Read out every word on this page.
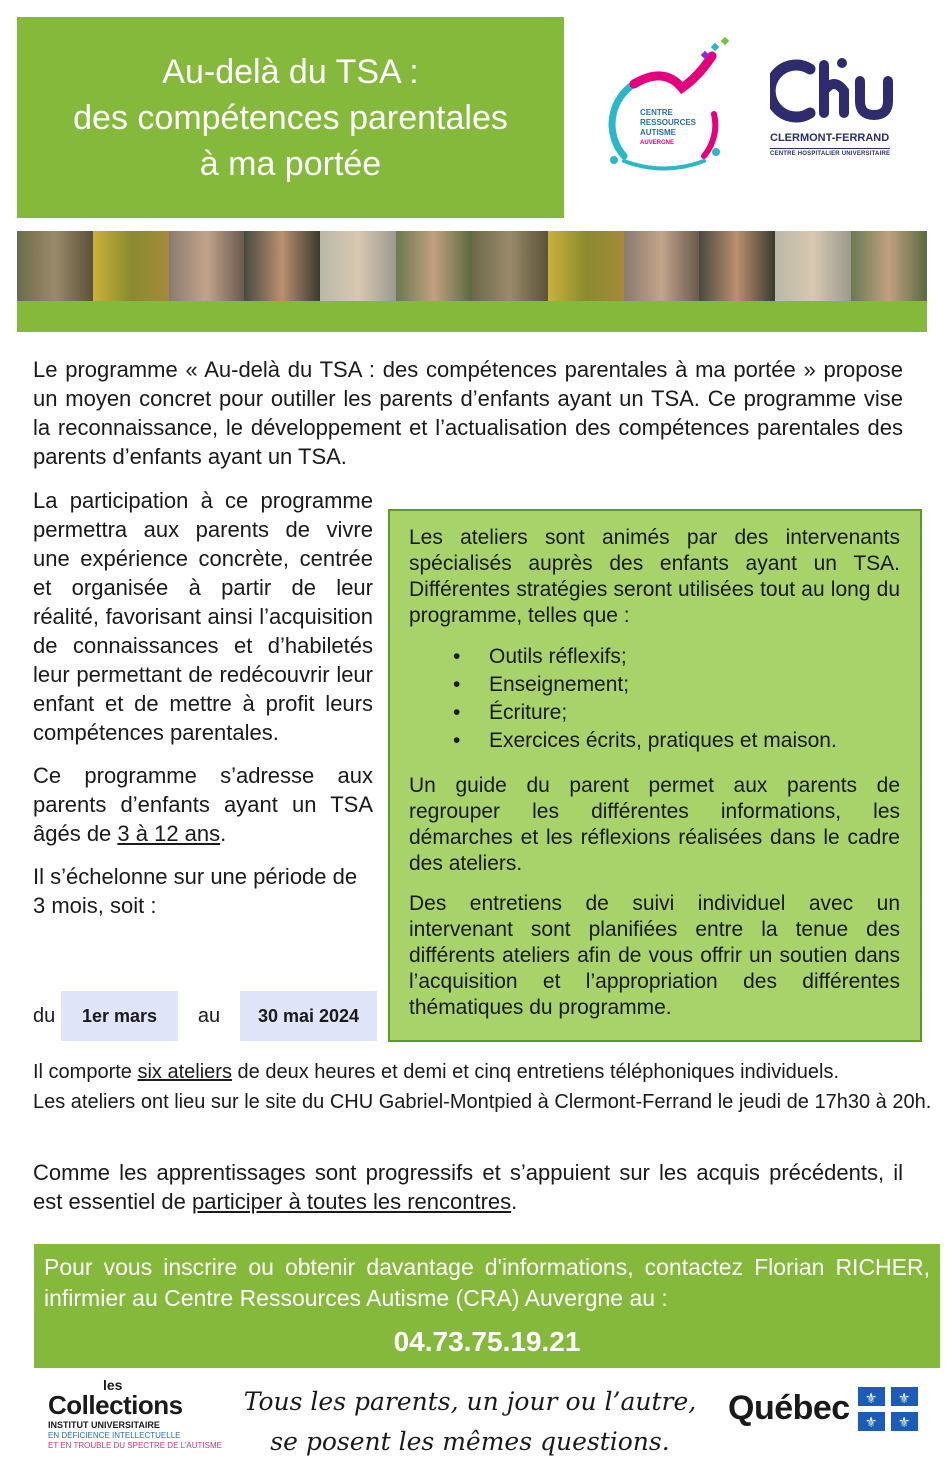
Au-delà du TSA :
des compétences parentales
à ma portée
CENTRE
RESSOURCES
AUTISME
AUVERGNE	CLERMONT-FERRAND
CENTRE HOSPITALIER UNIVERSITAIRE
Le programme « Au-delà du TSA : des compétences parentales à ma portée » propose un moyen concret pour outiller les parents d’enfants ayant un TSA. Ce programme vise la reconnaissance, le développement et l’actualisation des compétences parentales des parents d’enfants ayant un TSA.

La participation à ce programme permettra aux parents de vivre une expérience concrète, centrée et organisée à partir de leur réalité, favorisant ainsi l’acquisition de connaissances et d’habiletés leur permettant de redécouvrir leur enfant et de mettre à profit leurs compétences parentales.

Ce programme s’adresse aux parents d’enfants ayant un TSA âgés de 3 à 12 ans.

Il s’échelonne sur une période de 3 mois, soit :

du	1er mars	au	30 mai 2024

Les ateliers sont animés par des intervenants spécialisés auprès des enfants ayant un TSA. Différentes stratégies seront utilisées tout au long du programme, telles que :

• Outils réflexifs;
• Enseignement;
• Écriture;
• Exercices écrits, pratiques et maison.

Un guide du parent permet aux parents de regrouper les différentes informations, les démarches et les réflexions réalisées dans le cadre des ateliers.

Des entretiens de suivi individuel avec un intervenant sont planifiées entre la tenue des différents ateliers afin de vous offrir un soutien dans l’acquisition et l’appropriation des différentes thématiques du programme.

Il comporte six ateliers de deux heures et demi et cinq entretiens téléphoniques individuels.

Les ateliers ont lieu sur le site du CHU Gabriel-Montpied à Clermont-Ferrand le jeudi de 17h30 à 20h.

Comme les apprentissages sont progressifs et s’appuient sur les acquis précédents, il est essentiel de participer à toutes les rencontres.
Pour vous inscrire ou obtenir davantage d'informations, contactez Florian RICHER, infirmier au Centre Ressources Autisme (CRA) Auvergne au :
04.73.75.19.21
les
Collections
INSTITUT UNIVERSITAIRE
EN DÉFICIENCE INTELLECTUELLE
ET EN TROUBLE DU SPECTRE DE L’AUTISME
Tous les parents, un jour ou l’autre,
se posent les mêmes questions.
Québec ⚜ ⚜
⚜ ⚜
